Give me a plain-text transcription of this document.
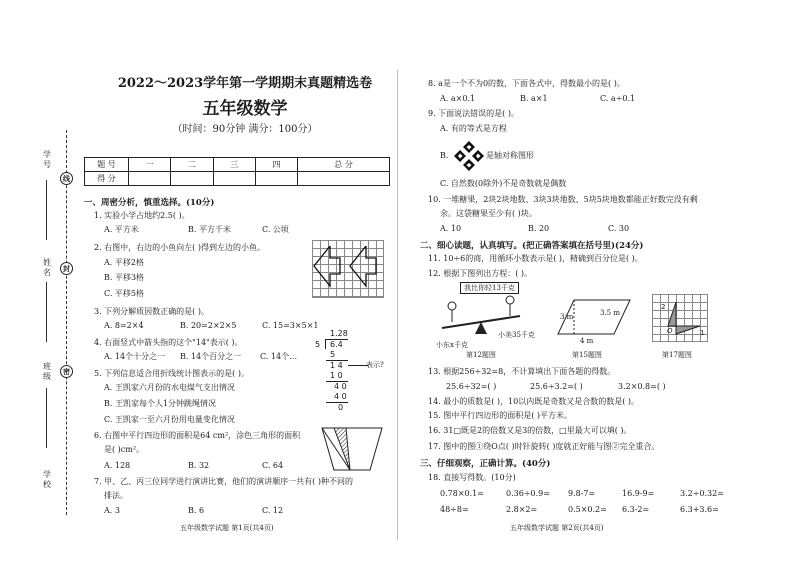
学号
姓名
班级
学校
线
封
密
2022～2023学年第一学期期末真题精选卷
五年级数学
（时间：90分钟 满分：100分）
题 号	一	二	三	四	总 分
得 分					
一、周密分析，慎重选择。(10分)
1. 实验小学占地约2.5( )。
A. 平方米	B. 平方千米	C. 公顷
2. 右图中，右边的小鱼向左( )得到左边的小鱼。
A. 平移2格
B. 平移3格
C. 平移5格
3. 下列分解质因数正确的是( )。
A. 8=2×4	B. 20=2×2×5	C. 15=3×5×1
4. 右面竖式中箭头指的这个"14"表示( )。
A. 14个十分之一 B. 14个百分之一 C. 14个…
1.28
5 6.4
5
1 4	表示?
1 0
4 0
4 0
0
5. 下列信息适合用折线统计图表示的是( )。
A. 王凯家六月份的水电煤气支出情况
B. 王凯家每个人1分钟跳绳情况
C. 王凯家一至六月份用电量变化情况
6. 右图中平行四边形的面积是64 cm²，涂色三角形的面积
是( )cm²。
A. 128	B. 32	C. 64
7. 甲、乙、丙三位同学进行演讲比赛，他们的演讲顺序一共有( )种不同的
排法。
A. 3	B. 6	C. 12
五年级数学试题 第1页(共4页)
8. a是一个不为0的数，下面各式中，得数最小的是( )。
A. a×0.1	B. a×1	C. a÷0.1
9. 下面说法错误的是( )。
A. 有的等式是方程
B.	是轴对称图形
C. 自然数(0除外)不是奇数就是偶数
10. 一堆糖果，2块2块地数、3块3块地数、5块5块地数都能正好数完没有剩
余。这袋糖果至少有( )块。
A. 10	B. 20	C. 30
二、细心读题，认真填写。(把正确答案填在括号里)(24分)
11. 10÷6的商，用循环小数表示是( )，精确到百分位是( )。
12. 根据下图列出方程：( )。
我比你轻13千克
小美35千克
小东x千克
第12题图
3 m	3.5 m
4 m
第15题图
2
O	1
第17题图
13. 根据256÷32=8，不计算填出下面各题的得数。
25.6÷32=( )	25.6÷3.2=( )	3.2×0.8=( )
14. 最小的质数是( )，10以内既是奇数又是合数的数是( )。
15. 图中平行四边形的面积是( )平方米。
16. 31□既是2的倍数又是3的倍数，□里最大可以填( )。
17. 图中的图①绕O点( )时针旋转( )度就正好能与图②完全重合。
三、仔细观察，正确计算。(40分)
18. 直接写得数。(10分)
0.78×0.1=	0.36÷0.9= 9.8-7=	16.9-9=	3.2÷0.32=
48÷8=	2.8×2=	0.5×0.2= 6.3-2=	6.3+3.6=
五年级数学试题 第2页(共4页)
